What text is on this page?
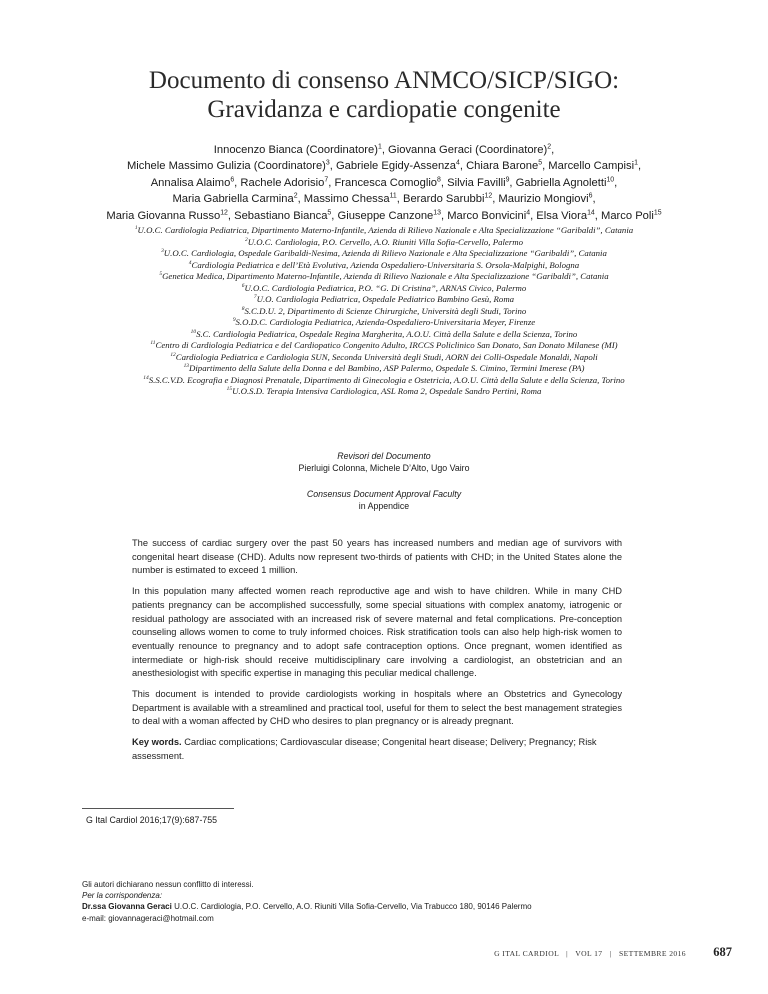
Documento di consenso ANMCO/SICP/SIGO:
Gravidanza e cardiopatie congenite
Innocenzo Bianca (Coordinatore)$^1$, Giovanna Geraci (Coordinatore)$^2$,
Michele Massimo Gulizia (Coordinatore)$^3$, Gabriele Egidy-Assenza$^4$, Chiara Barone$^5$, Marcello Campisi$^1$,
Annalisa Alaimo$^6$, Rachele Adorisio$^7$, Francesca Comoglio$^8$, Silvia Favilli$^9$, Gabriella Agnoletti$^{10}$,
Maria Gabriella Carmina$^2$, Massimo Chessa$^{11}$, Berardo Sarubbi$^{12}$, Maurizio Mongiovi$^6$,
Maria Giovanna Russo$^{12}$, Sebastiano Bianca$^5$, Giuseppe Canzone$^{13}$, Marco Bonvicini$^4$, Elsa Viora$^{14}$, Marco Poli$^{15}$
$^1$U.O.C. Cardiologia Pediatrica, Dipartimento Materno-Infantile, Azienda di Rilievo Nazionale e Alta Specializzazione “Garibaldi”, Catania
$^2$U.O.C. Cardiologia, P.O. Cervello, A.O. Riuniti Villa Sofia-Cervello, Palermo
$^3$U.O.C. Cardiologia, Ospedale Garibaldi-Nesima, Azienda di Rilievo Nazionale e Alta Specializzazione “Garibaldi”, Catania
$^4$Cardiologia Pediatrica e dell’Età Evolutiva, Azienda Ospedaliero-Universitaria S. Orsola-Malpighi, Bologna
$^5$Genetica Medica, Dipartimento Materno-Infantile, Azienda di Rilievo Nazionale e Alta Specializzazione “Garibaldi”, Catania
$^6$U.O.C. Cardiologia Pediatrica, P.O. “G. Di Cristina”, ARNAS Civico, Palermo
$^7$U.O. Cardiologia Pediatrica, Ospedale Pediatrico Bambino Gesù, Roma
$^8$S.C.D.U. 2, Dipartimento di Scienze Chirurgiche, Università degli Studi, Torino
$^9$S.O.D.C. Cardiologia Pediatrica, Azienda-Ospedaliero-Universitaria Meyer, Firenze
$^{10}$S.C. Cardiologia Pediatrica, Ospedale Regina Margherita, A.O.U. Città della Salute e della Scienza, Torino
$^{11}$Centro di Cardiologia Pediatrica e del Cardiopatico Congenito Adulto, IRCCS Policlinico San Donato, San Donato Milanese (MI)
$^{12}$Cardiologia Pediatrica e Cardiologia SUN, Seconda Università degli Studi, AORN dei Colli-Ospedale Monaldi, Napoli
$^{13}$Dipartimento della Salute della Donna e del Bambino, ASP Palermo, Ospedale S. Cimino, Termini Imerese (PA)
$^{14}$S.S.C.V.D. Ecografia e Diagnosi Prenatale, Dipartimento di Ginecologia e Ostetricia, A.O.U. Città della Salute e della Scienza, Torino
$^{15}$U.O.S.D. Terapia Intensiva Cardiologica, ASL Roma 2, Ospedale Sandro Pertini, Roma
Revisori del Documento
Pierluigi Colonna, Michele D’Alto, Ugo Vairo
Consensus Document Approval Faculty
in Appendice

The success of cardiac surgery over the past 50 years has increased numbers and median age of survivors with congenital heart disease (CHD). Adults now represent two-thirds of patients with CHD; in the United States alone the number is estimated to exceed 1 million.

In this population many affected women reach reproductive age and wish to have children. While in many CHD patients pregnancy can be accomplished successfully, some special situations with complex anatomy, iatrogenic or residual pathology are associated with an increased risk of severe maternal and fetal complications. Pre-conception counseling allows women to come to truly informed choices. Risk stratification tools can also help high-risk women to eventually renounce to pregnancy and to adopt safe contraception options. Once pregnant, women identified as intermediate or high-risk should receive multidisciplinary care involving a cardiologist, an obstetrician and an anesthesiologist with specific expertise in managing this peculiar medical challenge.

This document is intended to provide cardiologists working in hospitals where an Obstetrics and Gynecology Department is available with a streamlined and practical tool, useful for them to select the best management strategies to deal with a woman affected by CHD who desires to plan pregnancy or is already pregnant.

Key words. Cardiac complications; Cardiovascular disease; Congenital heart disease; Delivery; Pregnancy; Risk assessment.

G Ital Cardiol 2016;17(9):687-755
Gli autori dichiarano nessun conflitto di interessi.
Per la corrispondenza:
Dr.ssa Giovanna Geraci U.O.C. Cardiologia, P.O. Cervello, A.O. Riuniti Villa Sofia-Cervello, Via Trabucco 180, 90146 Palermo
e-mail: giovannageraci@hotmail.com
G ITAL CARDIOL | VOL 17 | SETTEMBRE 2016 687
